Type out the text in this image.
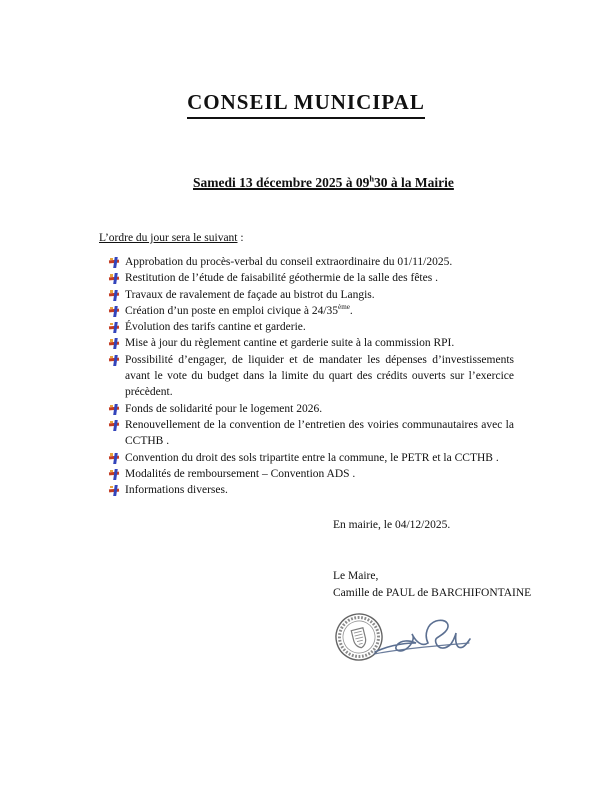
CONSEIL MUNICIPAL
Samedi 13 décembre 2025 à 09$^h$30 à la Mairie
L’ordre du jour sera le suivant :
Approbation du procès-verbal du conseil extraordinaire du 01/11/2025.
Restitution de l’étude de faisabilité géothermie de la salle des fêtes .
Travaux de ravalement de façade au bistrot du Langis.
Création d’un poste en emploi civique à 24/35ème.
Évolution des tarifs cantine et garderie.
Mise à jour du règlement cantine et garderie suite à la commission RPI.
Possibilité d’engager, de liquider et de mandater les dépenses d’investissements avant le vote du budget dans la limite du quart des crédits ouverts sur l’exercice précèdent.
Fonds de solidarité pour le logement 2026.
Renouvellement de la convention de l’entretien des voiries communautaires avec la CCTHB .
Convention du droit des sols tripartite entre la commune, le PETR et la CCTHB .
Modalités de remboursement – Convention ADS .
Informations diverses.
En mairie, le 04/12/2025.
Le Maire,
Camille de PAUL de BARCHIFONTAINE
